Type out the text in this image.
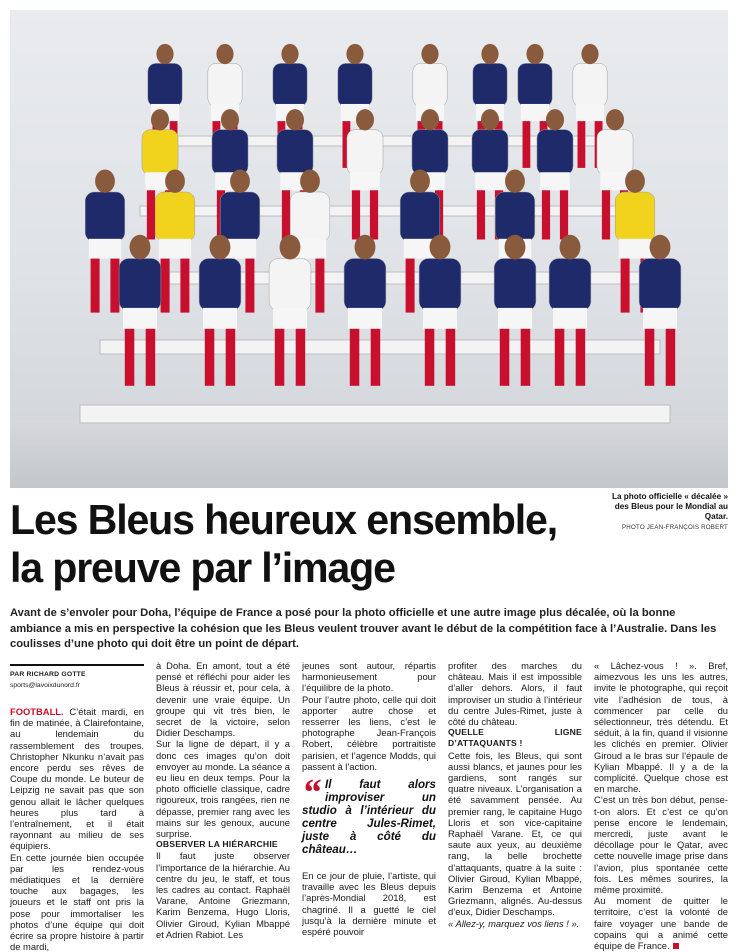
La photo officielle « décalée » des Bleus pour le Mondial au Qatar.
PHOTO JEAN-FRANÇOIS ROBERT
Les Bleus heureux ensemble, la preuve par l’image

Avant de s’envoler pour Doha, l’équipe de France a posé pour la photo officielle et une autre image plus décalée, où la bonne ambiance a mis en perspective la cohésion que les Bleus veulent trouver avant le début de la compétition face à l’Australie. Dans les coulisses d’une photo qui doit être un point de départ.

PAR RICHARD GOTTE
sports@lavoixdunord.fr

FOOTBALL. C’était mardi, en fin de matinée, à Clairefontaine, au lendemain du rassemblement des troupes. Christopher Nkunku n’avait pas encore perdu ses rêves de Coupe du monde. Le buteur de Leipzig ne savait pas que son genou allait le lâcher quelques heures plus tard à l’entraînement, et il était rayonnant au milieu de ses équipiers.

En cette journée bien occupée par les rendez-vous médiatiques et la dernière touche aux bagages, les joueurs et le staff ont pris la pose pour immortaliser les photos d’une équipe qui doit écrire sa propre histoire à partir de mardi,

à Doha. En amont, tout a été pensé et réfléchi pour aider les Bleus à réussir et, pour cela, à devenir une vraie équipe. Un groupe qui vit très bien, le secret de la victoire, selon Didier Deschamps.

Sur la ligne de départ, il y a donc ces images qu’on doit envoyer au monde. La séance a eu lieu en deux temps. Pour la photo officielle classique, cadre rigoureux, trois rangées, rien ne dépasse, premier rang avec les mains sur les genoux, aucune surprise.

OBSERVER LA HIÉRARCHIE

Il faut juste observer l’importance de la hiérarchie. Au centre du jeu, le staff, et tous les cadres au contact. Raphaël Varane, Antoine Griezmann, Karim Benzema, Hugo Lloris, Olivier Giroud, Kylian Mbappé et Adrien Rabiot. Les

jeunes sont autour, répartis harmonieusement pour l’équilibre de la photo.

Pour l’autre photo, celle qui doit apporter autre chose et resserrer les liens, c’est le photographe Jean-François Robert, célèbre portraitiste parisien, et l’agence Modds, qui passent à l’action.

“ Il faut alors improviser un studio à l’intérieur du centre Jules-Rimet, juste à côté du château…

En ce jour de pluie, l’artiste, qui travaille avec les Bleus depuis l’après-Mondial 2018, est chagriné. Il a guetté le ciel jusqu’à la dernière minute et espéré pouvoir

profiter des marches du château. Mais il est impossible d’aller dehors. Alors, il faut improviser un studio à l’intérieur du centre Jules-Rimet, juste à côté du château.

QUELLE LIGNE D’ATTAQUANTS !

Cette fois, les Bleus, qui sont aussi blancs, et jaunes pour les gardiens, sont rangés sur quatre niveaux. L’organisation a été savamment pensée. Au premier rang, le capitaine Hugo Lloris et son vice-capitaine Raphaël Varane. Et, ce qui saute aux yeux, au deuxième rang, la belle brochette d’attaquants, quatre à la suite : Olivier Giroud, Kylian Mbappé, Karim Benzema et Antoine Griezmann, alignés. Au-dessus d’eux, Didier Deschamps.

« Allez-y, marquez vos liens ! ».

« Lâchez-vous ! ». Bref, aimezvous les uns les autres, invite le photographe, qui reçoit vite l’adhésion de tous, à commencer par celle du sélectionneur, très détendu. Et séduit, à la fin, quand il visionne les clichés en premier. Olivier Giroud a le bras sur l’épaule de Kylian Mbappé. Il y a de la complicité. Quelque chose est en marche.

C’est un très bon début, pense-t-on alors. Et c’est ce qu’on pense encore le lendemain, mercredi, juste avant le décollage pour le Qatar, avec cette nouvelle image prise dans l’avion, plus spontanée cette fois. Les mêmes sourires, la même proximité.

Au moment de quitter le territoire, c’est la volonté de faire voyager une bande de copains qui a animé cette équipe de France.
